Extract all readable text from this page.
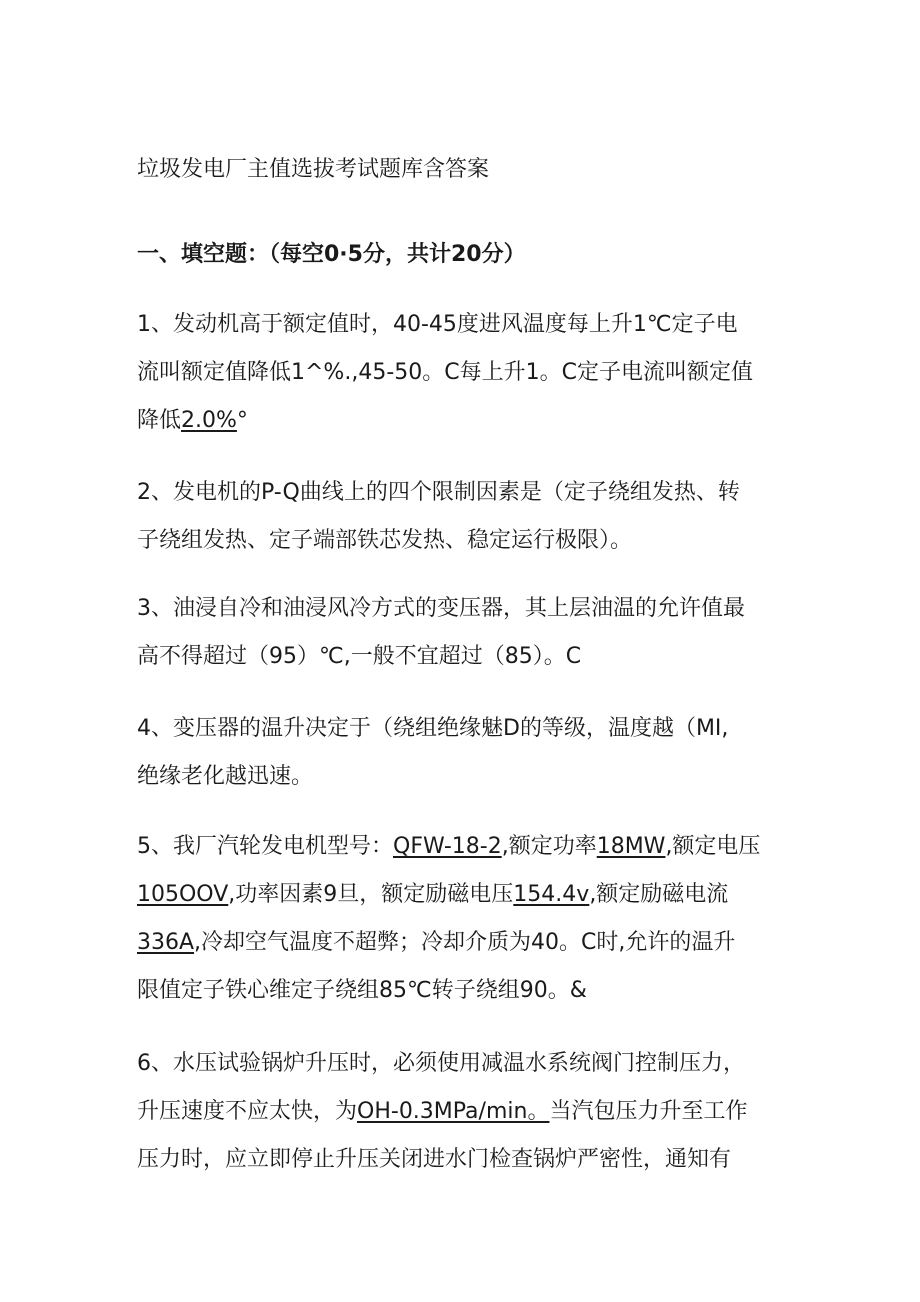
垃圾发电厂主值选拔考试题库含答案
一、填空题：（每空0·5分，共计20分）
1、发动机高于额定值时，40-45度进风温度每上升1℃定子电
流叫额定值降低1^%.,45-50。C每上升1。C定子电流叫额定值
降低2.0%°
2、发电机的P-Q曲线上的四个限制因素是（定子绕组发热、转
子绕组发热、定子端部铁芯发热、稳定运行极限）。
3、油浸自冷和油浸风冷方式的变压器，其上层油温的允许值最
高不得超过（95）℃,一般不宜超过（85）。C
4、变压器的温升决定于（绕组绝缘魅D的等级，温度越（MI,
绝缘老化越迅速。
5、我厂汽轮发电机型号：QFW-18-2,额定功率18MW,额定电压
105OOV,功率因素9旦，额定励磁电压154.4v,额定励磁电流
336A,冷却空气温度不超弊；冷却介质为40。C时,允许的温升
限值定子铁心维定子绕组85℃转子绕组90。&
6、水压试验锅炉升压时，必须使用减温水系统阀门控制压力，
升压速度不应太快，为OH-0.3MPa/min。当汽包压力升至工作
压力时，应立即停止升压关闭进水门检查锅炉严密性，通知有
